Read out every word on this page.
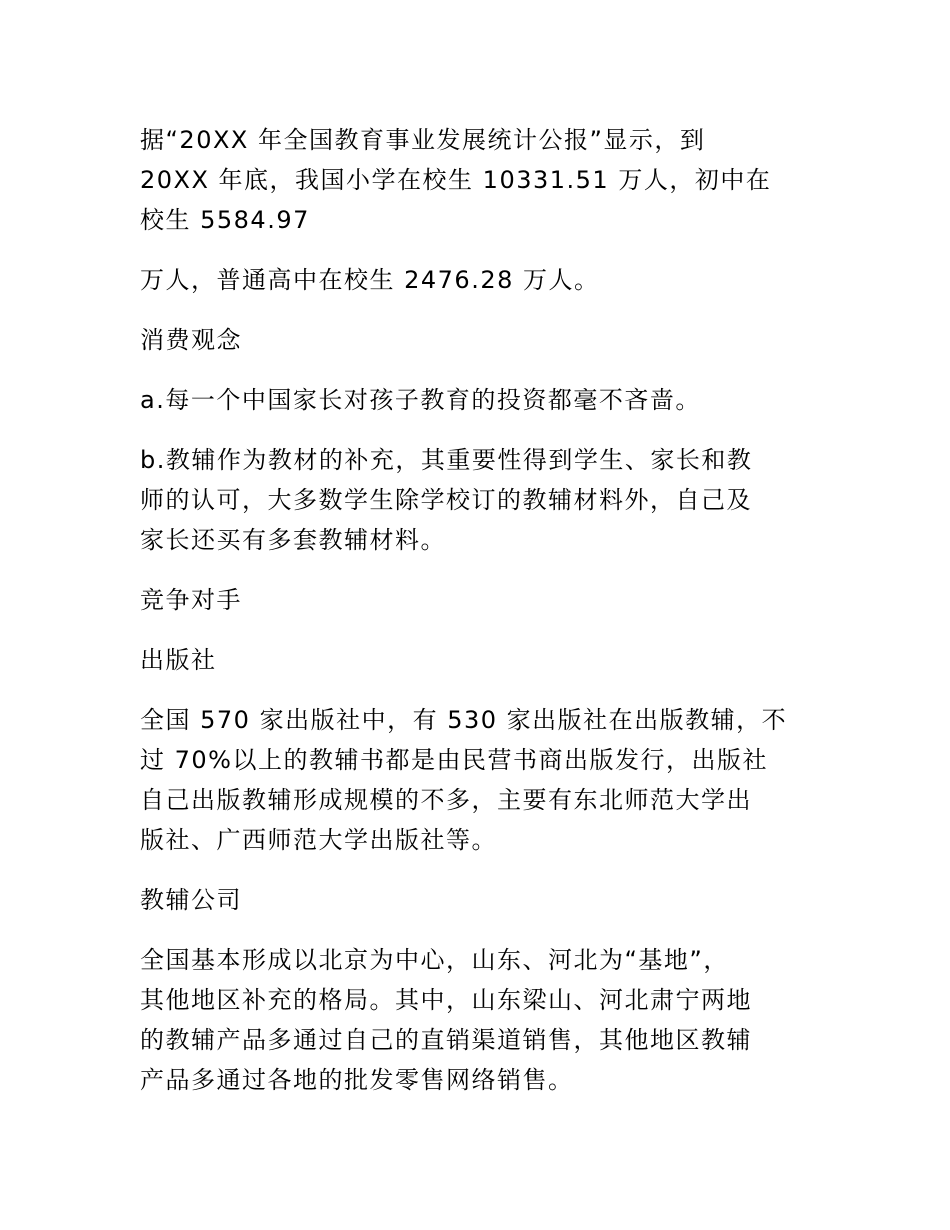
据“20XX 年全国教育事业发展统计公报”显示，到
20XX 年底，我国小学在校生 10331.51 万人，初中在
校生 5584.97

万人，普通高中在校生 2476.28 万人。

消费观念

a.每一个中国家长对孩子教育的投资都毫不吝啬。

b.教辅作为教材的补充，其重要性得到学生、家长和教
师的认可，大多数学生除学校订的教辅材料外，自己及
家长还买有多套教辅材料。

竞争对手

出版社

全国 570 家出版社中，有 530 家出版社在出版教辅，不
过 70%以上的教辅书都是由民营书商出版发行，出版社
自己出版教辅形成规模的不多，主要有东北师范大学出
版社、广西师范大学出版社等。

教辅公司

全国基本形成以北京为中心，山东、河北为“基地”，
其他地区补充的格局。其中，山东梁山、河北肃宁两地
的教辅产品多通过自己的直销渠道销售，其他地区教辅
产品多通过各地的批发零售网络销售。
